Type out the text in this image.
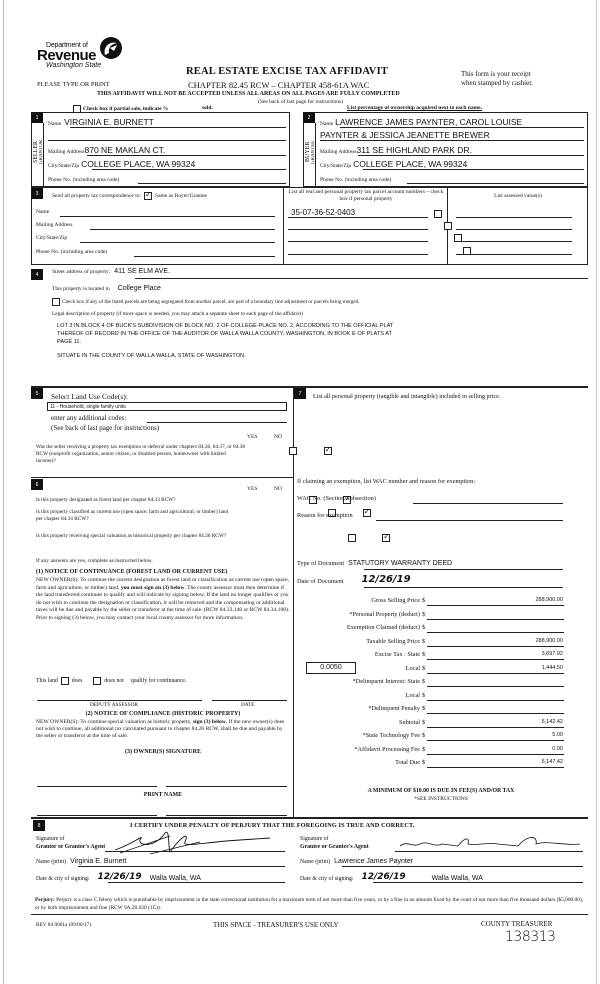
Department of
Revenue
Washington State
REAL ESTATE EXCISE TAX AFFIDAVIT
CHAPTER 82.45 RCW – CHAPTER 458-61A WAC
PLEASE TYPE OR PRINT
This form is your receipt
when stamped by cashier.
THIS AFFIDAVIT WILL NOT BE ACCEPTED UNLESS ALL AREAS ON ALL PAGES ARE FULLY COMPLETED
(See back of last page for instructions)
Check box if partial sale, indicate %	sold.	List percentage of ownership acquired next to each name.
1
SELLER GRANTOR
Name VIRGINIA E. BURNETT
Mailing Address 870 NE MAKLAN CT.
City/State/Zip COLLEGE PLACE, WA 99324
Phone No. (including area code)
2
BUYER GRANTEE
Name LAWRENCE JAMES PAYNTER, CAROL LOUISE
PAYNTER & JESSICA JEANETTE BREWER
Mailing Address 311 SE HIGHLAND PARK DR.
City/State/Zip COLLEGE PLACE, WA 99324
Phone No. (including area code)
3	Send all property tax correspondence to: ✓	Same as Buyer/Grantee
Name
Mailing Address
City/State/Zip
Phone No. (including area code)
List all real and personal property tax parcel account numbers – check box if personal property	List assessed value(s)
35-07-36-52-0403

4	Street address of property: 411 SE ELM AVE.
This property is located in College Place
Check box if any of the listed parcels are being segregated from another parcel, are part of a boundary line adjustment or parcels being merged.
Legal description of property (if more space is needed, you may attach a separate sheet to each page of the affidavit)
LOT 3 IN BLOCK 4 OF BUCK'S SUBDIVISION OF BLOCK NO. 2 OF COLLEGE PLACE NO. 2, ACCORDING TO THE OFFICIAL PLAT
THEREOF OF RECORD IN THE OFFICE OF THE AUDITOR OF WALLA WALLA COUNTY, WASHINGTON, IN BOOK E OF PLATS AT
PAGE 11.
SITUATE IN THE COUNTY OF WALLA WALLA, STATE OF WASHINGTON.
5	Select Land Use Code(s):
11 - Household, single family units
enter any additional codes:
(See back of last page for instructions)
YES	NO
Was the seller receiving a property tax exemption or deferral under chapters 84.36, 84.37, or 84.38 RCW (nonprofit organization, senior citizen, or disabled person, homeowner with limited income)?
✓
6
YES	NO
Is this property designated as forest land per chapter 84.33 RCW?
✓
Is this property classified as current use (open space, farm and agricultural, or timber) land per chapter 84.34 RCW?
✓
Is this property receiving special valuation as historical property per chapter 84.26 RCW?
✓
If any answers are yes, complete as instructed below.
(1) NOTICE OF CONTINUANCE (FOREST LAND OR CURRENT USE)
NEW OWNER(S): To continue the current designation as forest land or classification as current use (open space, farm and agriculture, or timber) land, you must sign on (3) below. The county assessor must then determine if the land transferred continues to qualify and will indicate by signing below. If the land no longer qualifies or you do not wish to continue the designation or classification, it will be removed and the compensating or additional taxes will be due and payable by the seller or transferor at the time of sale. (RCW 84.33.140 or RCW 84.34.108). Prior to signing (3) below, you may contact your local county assessor for more information.
This land does	does not qualify for continuance.
DEPUTY ASSESSOR	DATE
(2) NOTICE OF COMPLIANCE (HISTORIC PROPERTY)
NEW OWNER(S): To continue special valuation as historic property, sign (3) below. If the new owner(s) does not wish to continue, all additional tax calculated pursuant to chapter 84.26 RCW, shall be due and payable by the seller or transferor at the time of sale.
(3) OWNER(S) SIGNATURE
PRINT NAME
7	List all personal property (tangible and intangible) included in selling price.
If claiming an exemption, list WAC number and reason for exemption:
WAC No. (Section/Subsection)
Reason for exemption
Type of Document STATUTORY WARRANTY DEED
Date of Document 12/26/19
Gross Selling Price $	288,900.00
*Personal Property (deduct) $
Exemption Claimed (deduct) $
Taxable Selling Price $	288,900.00
Excise Tax : State $	3,697.92
0.0050	Local $	1,444.50
*Delinquent Interest: State $
Local $
*Delinquent Penalty $
Subtotal $	5,142.42
*State Technology Fee $	5.00
*Affidavit Processing Fee $	0.00
Total Due $	5,147.42
A MINIMUM OF $10.00 IS DUE IN FEE(S) AND/OR TAX
*SEE INSTRUCTIONS
8	I CERTIFY UNDER PENALTY OF PERJURY THAT THE FOREGOING IS TRUE AND CORRECT.
Signature of
Grantor or Grantor's Agent
Name (print) Virginia E. Burnett
Date & city of signing: 12/26/19 Walla Walla, WA
Signature of
Grantee or Grantee's Agent
Name (print) Lawrence James Paynter
Date & city of signing: 12/26/19	Walla Walla, WA
Perjury: Perjury is a class C felony which is punishable by imprisonment in the state correctional institution for a maximum term of not more than five years, or by a fine in an amount fixed by the court of not more than five thousand dollars ($5,000.00), or by both imprisonment and fine (RCW 9A.20.020 (1C)).
REV 84 0001a (09/06/17)	THIS SPACE - TREASURER'S USE ONLY	COUNTY TREASURER
138313
